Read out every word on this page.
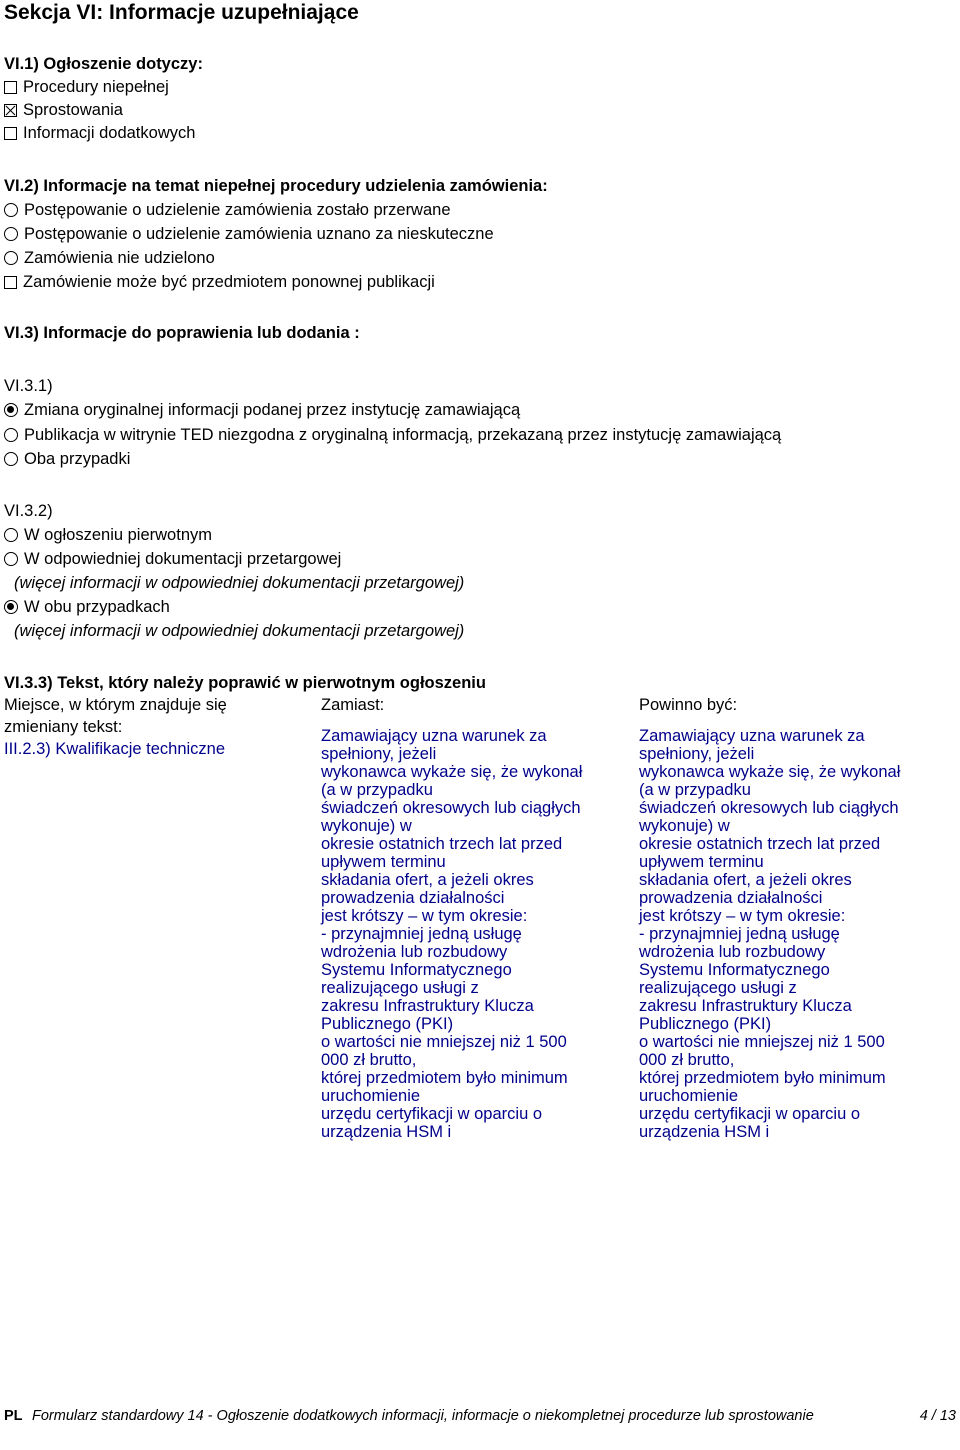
Sekcja VI: Informacje uzupełniające
VI.1) Ogłoszenie dotyczy:
Procedury niepełnej
Sprostowania
Informacji dodatkowych
VI.2) Informacje na temat niepełnej procedury udzielenia zamówienia:
Postępowanie o udzielenie zamówienia zostało przerwane
Postępowanie o udzielenie zamówienia uznano za nieskuteczne
Zamówienia nie udzielono
Zamówienie może być przedmiotem ponownej publikacji
VI.3) Informacje do poprawienia lub dodania :
VI.3.1)
Zmiana oryginalnej informacji podanej przez instytucję zamawiającą
Publikacja w witrynie TED niezgodna z oryginalną informacją, przekazaną przez instytucję zamawiającą
Oba przypadki
VI.3.2)
W ogłoszeniu pierwotnym
W odpowiedniej dokumentacji przetargowej
(więcej informacji w odpowiedniej dokumentacji przetargowej)
W obu przypadkach
(więcej informacji w odpowiedniej dokumentacji przetargowej)
VI.3.3) Tekst, który należy poprawić w pierwotnym ogłoszeniu
Miejsce, w którym znajduje się
zmieniany tekst:
III.2.3) Kwalifikacje techniczne
Zamiast:
Zamawiający uzna warunek za
spełniony, jeżeli
wykonawca wykaże się, że wykonał
(a w przypadku
świadczeń okresowych lub ciągłych
wykonuje) w
okresie ostatnich trzech lat przed
upływem terminu
składania ofert, a jeżeli okres
prowadzenia działalności
jest krótszy – w tym okresie:
- przynajmniej jedną usługę
wdrożenia lub rozbudowy
Systemu Informatycznego
realizującego usługi z
zakresu Infrastruktury Klucza
Publicznego (PKI)
o wartości nie mniejszej niż 1 500
000 zł brutto,
której przedmiotem było minimum
uruchomienie
urzędu certyfikacji w oparciu o
urządzenia HSM i
Powinno być:
Zamawiający uzna warunek za
spełniony, jeżeli
wykonawca wykaże się, że wykonał
(a w przypadku
świadczeń okresowych lub ciągłych
wykonuje) w
okresie ostatnich trzech lat przed
upływem terminu
składania ofert, a jeżeli okres
prowadzenia działalności
jest krótszy – w tym okresie:
- przynajmniej jedną usługę
wdrożenia lub rozbudowy
Systemu Informatycznego
realizującego usługi z
zakresu Infrastruktury Klucza
Publicznego (PKI)
o wartości nie mniejszej niż 1 500
000 zł brutto,
której przedmiotem było minimum
uruchomienie
urzędu certyfikacji w oparciu o
urządzenia HSM i
PL Formularz standardowy 14 - Ogłoszenie dodatkowych informacji, informacje o niekompletnej procedurze lub sprostowanie	4 / 13
